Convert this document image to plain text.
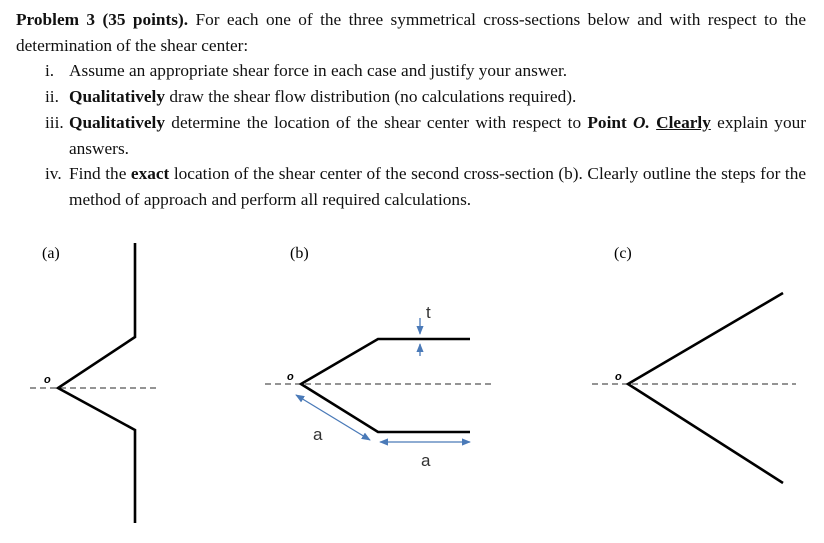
Problem 3 (35 points). For each one of the three symmetrical cross-sections below and with respect to the determination of the shear center:

i. Assume an appropriate shear force in each case and justify your answer.

ii. Qualitatively draw the shear flow distribution (no calculations required).

iii. Qualitatively determine the location of the shear center with respect to Point O. Clearly explain your answers.

iv. Find the exact location of the shear center of the second cross-section (b). Clearly outline the steps for the method of approach and perform all required calculations.

(a)
o
(b)
o
t
a
a
(c)
o
